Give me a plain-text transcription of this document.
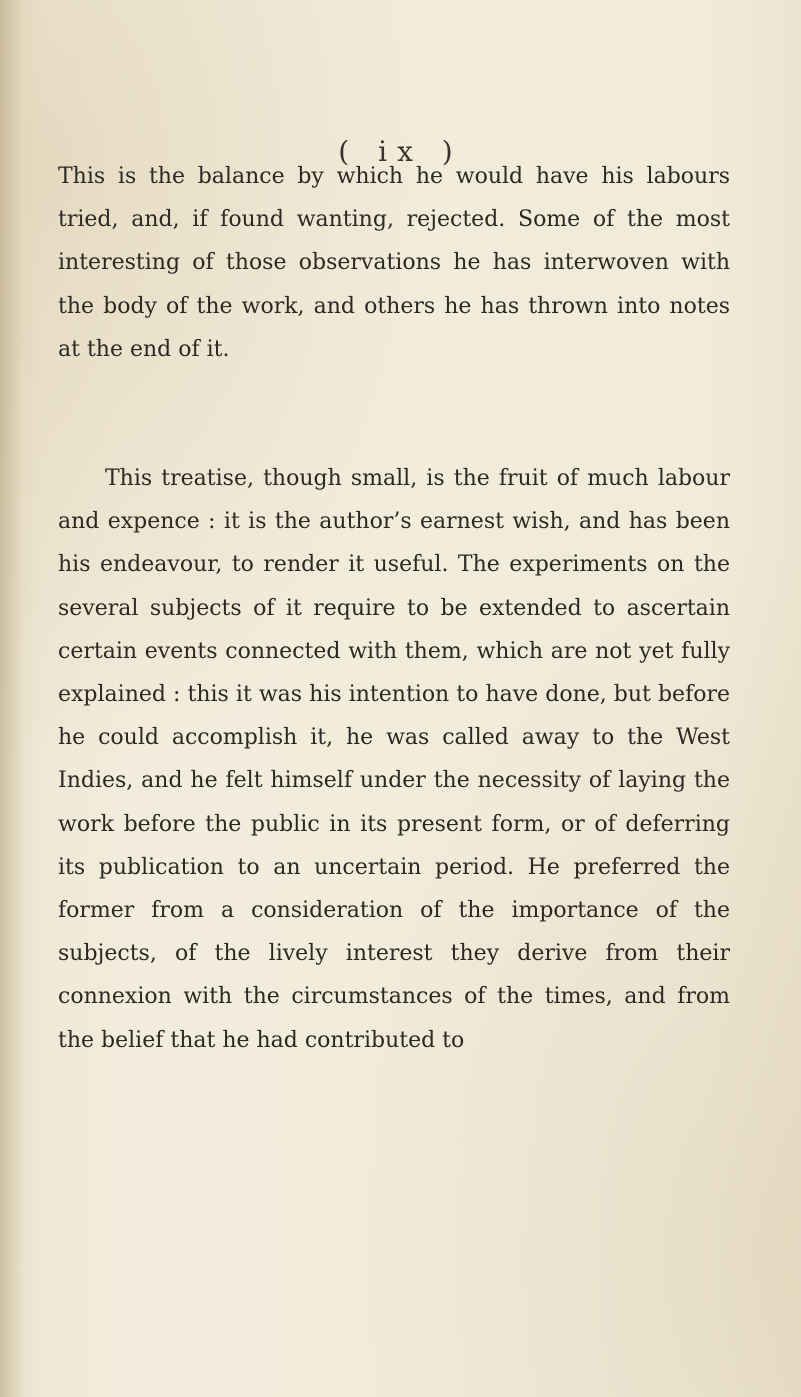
( ix )

This is the balance by which he would have his labours tried, and, if found wanting, rejected. Some of the most interesting of those observations he has interwoven with the body of the work, and others he has thrown into notes at the end of it.

This treatise, though small, is the fruit of much labour and expence : it is the author’s earnest wish, and has been his endeavour, to render it useful. The experiments on the several subjects of it require to be extended to ascertain certain events connected with them, which are not yet fully explained : this it was his intention to have done, but before he could accomplish it, he was called away to the West Indies, and he felt himself under the necessity of laying the work before the public in its present form, or of deferring its publication to an uncertain period. He preferred the former from a consideration of the importance of the subjects, of the lively interest they derive from their connexion with the circumstances of the times, and from the belief that he had contributed to
